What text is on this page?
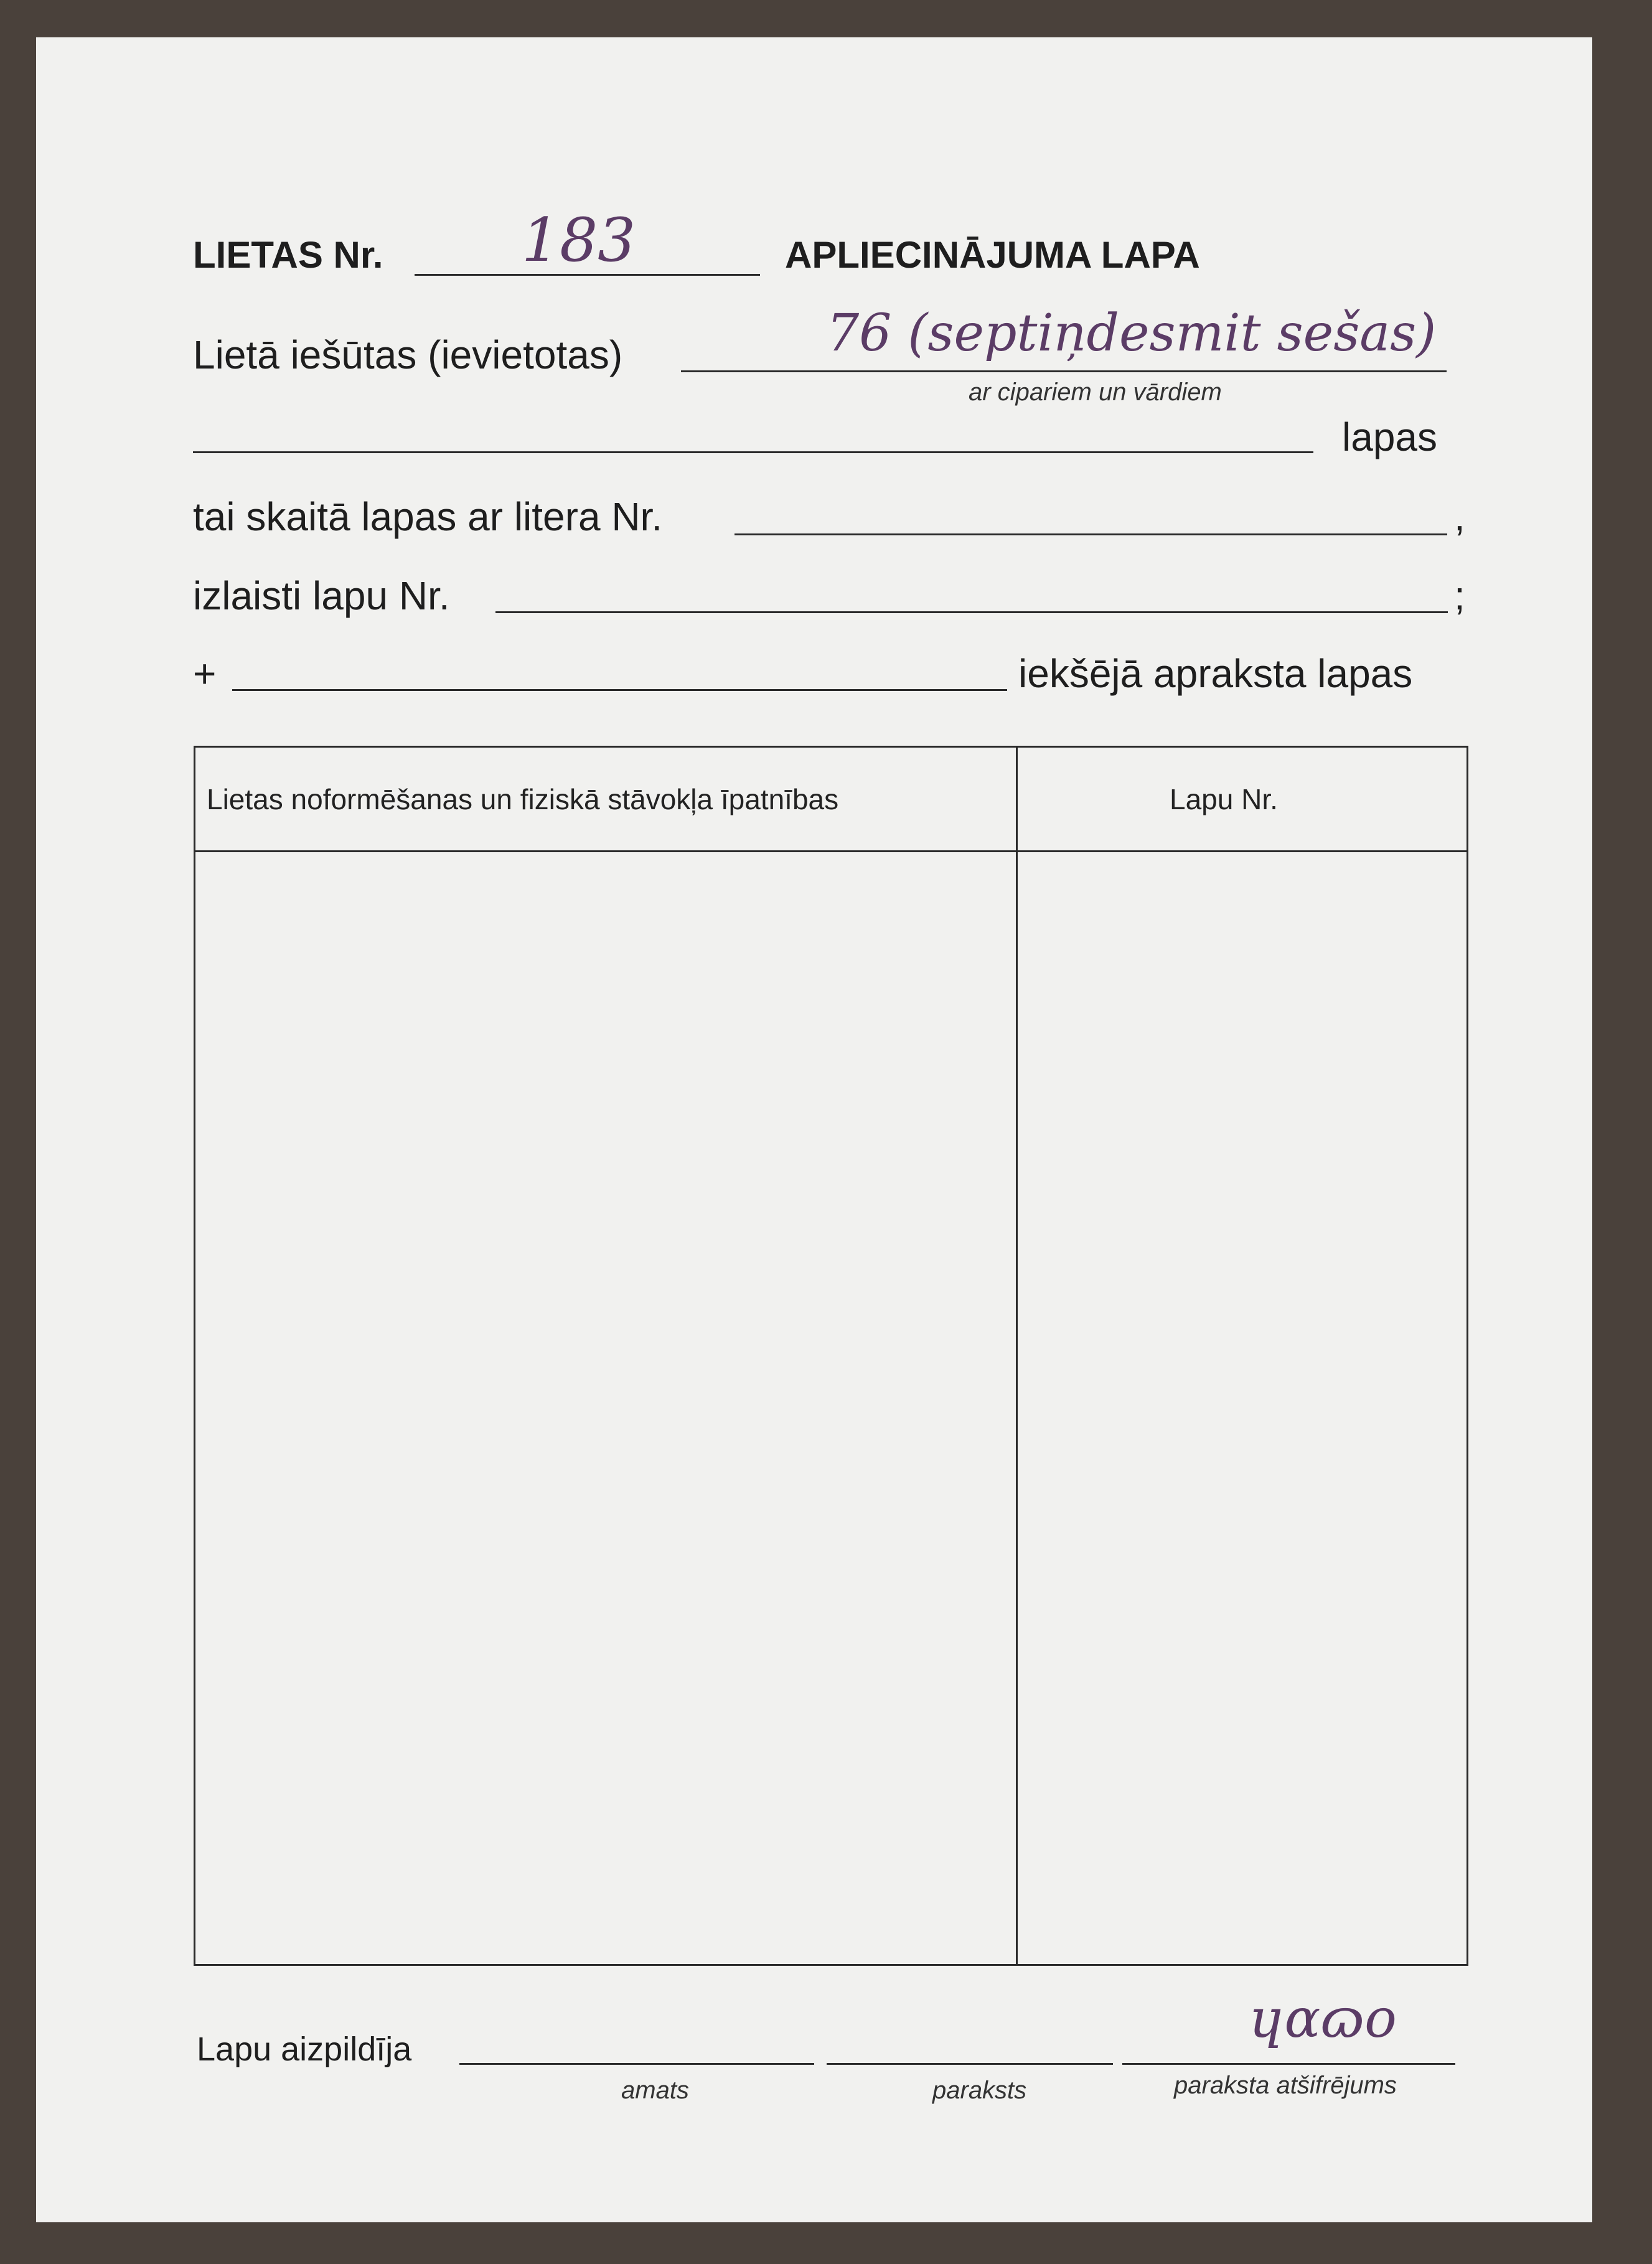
LIETAS Nr. 183	APLIECINĀJUMA LAPA
Lietā iešūtas (ievietotas)	76 (septiņdesmit sešas)
ar cipariem un vārdiem
lapas
tai skaitā lapas ar litera Nr.	,
izlaisti lapu Nr.	;
+	iekšējā apraksta lapas
Lietas noformēšanas un fiziskā stāvokļa īpatnības	Lapu Nr.
Lapu aizpildīja	ɥɑɷo
amats	paraksts	paraksta atšifrējums
